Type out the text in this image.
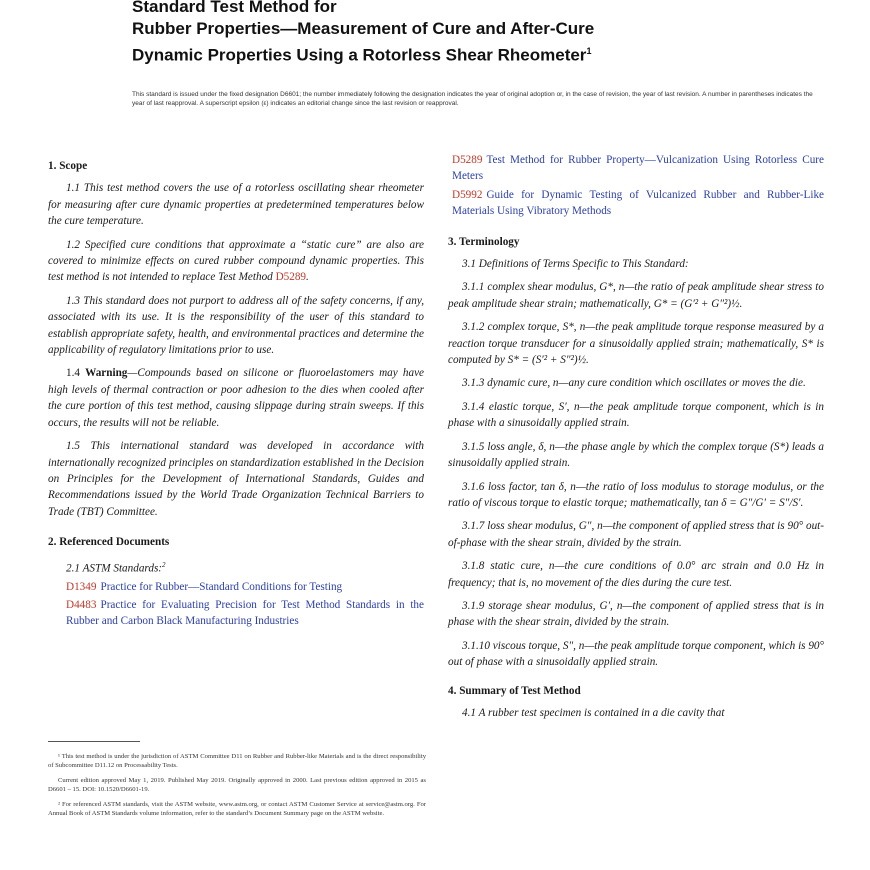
Standard Test Method for

Rubber Properties—Measurement of Cure and After-Cure

Dynamic Properties Using a Rotorless Shear Rheometer$^1$

This standard is issued under the fixed designation D6601; the number immediately following the designation indicates the year of original adoption or, in the case of revision, the year of last revision. A number in parentheses indicates the year of last reapproval. A superscript epsilon (ε) indicates an editorial change since the last revision or reapproval.
1. Scope

1.1 This test method covers the use of a rotorless oscillating shear rheometer for measuring after cure dynamic properties at predetermined temperatures below the cure temperature.

1.2 Specified cure conditions that approximate a “static cure” are also are covered to minimize effects on cured rubber compound dynamic properties. This test method is not intended to replace Test Method D5289.

1.3 This standard does not purport to address all of the safety concerns, if any, associated with its use. It is the responsibility of the user of this standard to establish appropriate safety, health, and environmental practices and determine the applicability of regulatory limitations prior to use.

1.4 Warning—Compounds based on silicone or fluoroelastomers may have high levels of thermal contraction or poor adhesion to the dies when cooled after the cure portion of this test method, causing slippage during strain sweeps. If this occurs, the results will not be reliable.

1.5 This international standard was developed in accordance with internationally recognized principles on standardization established in the Decision on Principles for the Development of International Standards, Guides and Recommendations issued by the World Trade Organization Technical Barriers to Trade (TBT) Committee.

2. Referenced Documents

2.1 ASTM Standards:$^2$

D1349 Practice for Rubber—Standard Conditions for Testing
D4483 Practice for Evaluating Precision for Test Method Standards in the Rubber and Carbon Black Manufacturing Industries

¹ This test method is under the jurisdiction of ASTM Committee D11 on Rubber and Rubber-like Materials and is the direct responsibility of Subcommittee D11.12 on Processability Tests.

Current edition approved May 1, 2019. Published May 2019. Originally approved in 2000. Last previous edition approved in 2015 as D6601 – 15. DOI: 10.1520/D6601-19.

² For referenced ASTM standards, visit the ASTM website, www.astm.org, or contact ASTM Customer Service at service@astm.org. For Annual Book of ASTM Standards volume information, refer to the standard’s Document Summary page on the ASTM website.

D5289 Test Method for Rubber Property—Vulcanization Using Rotorless Cure Meters
D5992 Guide for Dynamic Testing of Vulcanized Rubber and Rubber-Like Materials Using Vibratory Methods
3. Terminology

3.1 Definitions of Terms Specific to This Standard:

3.1.1 complex shear modulus, G*, n—the ratio of peak amplitude shear stress to peak amplitude shear strain; mathematically, G* = (G′² + G″²)½.

3.1.2 complex torque, S*, n—the peak amplitude torque response measured by a reaction torque transducer for a sinusoidally applied strain; mathematically, S* is computed by S* = (S′² + S″²)½.

3.1.3 dynamic cure, n—any cure condition which oscillates or moves the die.

3.1.4 elastic torque, S′, n—the peak amplitude torque component, which is in phase with a sinusoidally applied strain.

3.1.5 loss angle, δ, n—the phase angle by which the complex torque (S*) leads a sinusoidally applied strain.

3.1.6 loss factor, tan δ, n—the ratio of loss modulus to storage modulus, or the ratio of viscous torque to elastic torque; mathematically, tan δ = G″/G′ = S″/S′.

3.1.7 loss shear modulus, G″, n—the component of applied stress that is 90° out-of-phase with the shear strain, divided by the strain.

3.1.8 static cure, n—the cure conditions of 0.0° arc strain and 0.0 Hz in frequency; that is, no movement of the dies during the cure test.

3.1.9 storage shear modulus, G′, n—the component of applied stress that is in phase with the shear strain, divided by the strain.

3.1.10 viscous torque, S″, n—the peak amplitude torque component, which is 90° out of phase with a sinusoidally applied strain.

4. Summary of Test Method

4.1 A rubber test specimen is contained in a die cavity that
